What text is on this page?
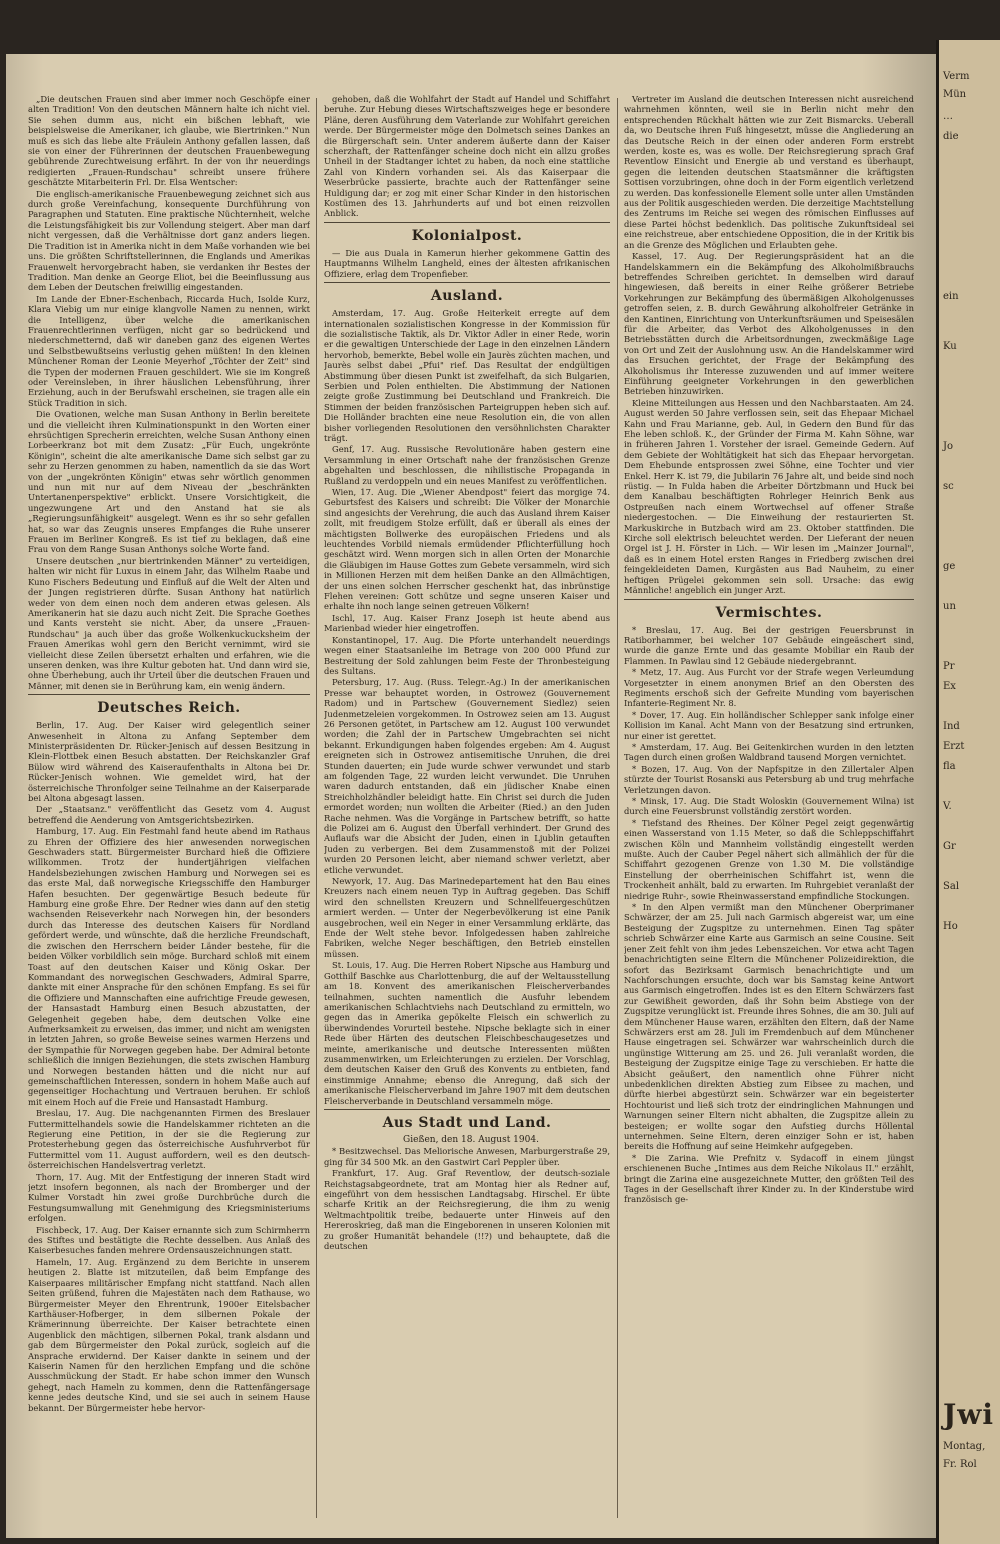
„Die deutschen Frauen sind aber immer noch Geschöpfe einer alten Tradition! Von den deutschen Männern halte ich nicht viel. Sie sehen dumm aus, nicht ein bißchen lebhaft, wie beispielsweise die Amerikaner, ich glaube, wie Biertrinken." Nun muß es sich das liebe alte Fräulein Anthony gefallen lassen, daß sie von einer der Führerinnen der deutschen Frauenbewegung gebührende Zurechtweisung erfährt. In der von ihr neuerdings redigierten „Frauen-Rundschau" schreibt unsere frühere geschätzte Mitarbeiterin Frl. Dr. Elsa Wentscher:

Die englisch-amerikanische Frauenbewegung zeichnet sich aus durch große Vereinfachung, konsequente Durchführung von Paragraphen und Statuten. Eine praktische Nüchternheit, welche die Leistungsfähigkeit bis zur Vollendung steigert. Aber man darf nicht vergessen, daß die Verhältnisse dort ganz anders liegen. Die Tradition ist in Amerika nicht in dem Maße vorhanden wie bei uns. Die größten Schriftstellerinnen, die Englands und Amerikas Frauenwelt hervorgebracht haben, sie verdanken ihr Bestes der Tradition. Man denke an George Eliot, bei die Beeinflussung aus dem Leben der Deutschen freiwillig eingestanden.

Im Lande der Ebner-Eschenbach, Riccarda Huch, Isolde Kurz, Klara Viebig um nur einige klangvolle Namen zu nennen, wirkt die Intelligenz, über welche die amerikanischen Frauenrechtlerinnen verfügen, nicht gar so bedrückend und niederschmetternd, daß wir daneben ganz des eigenen Wertes und Selbstbewußtseins verlustig gehen müßten! In den kleinen Münchener Roman der Leonie Meyerhof „Töchter der Zeit" sind die Typen der modernen Frauen geschildert. Wie sie im Kongreß oder Vereinsleben, in ihrer häuslichen Lebensführung, ihrer Erziehung, auch in der Berufswahl erscheinen, sie tragen alle ein Stück Tradition in sich.

Die Ovationen, welche man Susan Anthony in Berlin bereitete und die vielleicht ihren Kulminationspunkt in den Worten einer ehrsüchtigen Sprecherin erreichten, welche Susan Anthony einen Lorbeerkranz bot mit dem Zusatz: „Für Euch, ungekrönte Königin", scheint die alte amerikanische Dame sich selbst gar zu sehr zu Herzen genommen zu haben, namentlich da sie das Wort von der „ungekrönten Königin" etwas sehr wörtlich genommen und nun mit nur auf dem Niveau der „beschränkten Untertanenperspektive" erblickt. Unsere Vorsichtigkeit, die ungezwungene Art und den Anstand hat sie als „Regierungsunfähigkeit" ausgelegt. Wenn es ihr so sehr gefallen hat, so war das Zeugnis unseres Empfanges die Ruhe unserer Frauen im Berliner Kongreß. Es ist tief zu beklagen, daß eine Frau von dem Range Susan Anthonys solche Worte fand.

Unsere deutschen „nur biertrinkenden Männer" zu verteidigen, halten wir nicht für Luxus in einem Jahr, das Wilhelm Raabe und Kuno Fischers Bedeutung und Einfluß auf die Welt der Alten und der Jungen registrieren dürfte. Susan Anthony hat natürlich weder von dem einen noch dem anderen etwas gelesen. Als Amerikanerin hat sie dazu auch nicht Zeit. Die Sprache Goethes und Kants versteht sie nicht. Aber, da unsere „Frauen-Rundschau" ja auch über das große Wolkenkuckucksheim der Frauen Amerikas wohl gern den Bericht vernimmt, wird sie vielleicht diese Zeilen übersetzt erhalten und erfahren, wie die unseren denken, was ihre Kultur geboten hat. Und dann wird sie, ohne Überhebung, auch ihr Urteil über die deutschen Frauen und Männer, mit denen sie in Berührung kam, ein wenig ändern.

Deutsches Reich.

Berlin, 17. Aug. Der Kaiser wird gelegentlich seiner Anwesenheit in Altona zu Anfang September dem Ministerpräsidenten Dr. Rücker-Jenisch auf dessen Besitzung in Klein-Flottbek einen Besuch abstatten. Der Reichskanzler Graf Bülow wird während des Kaiseraufenthalts in Altona bei Dr. Rücker-Jenisch wohnen. Wie gemeldet wird, hat der österreichische Thronfolger seine Teilnahme an der Kaiserparade bei Altona abgesagt lassen.

Der „Staatsanz." veröffentlicht das Gesetz vom 4. August betreffend die Aenderung von Amtsgerichtsbezirken.

Hamburg, 17. Aug. Ein Festmahl fand heute abend im Rathaus zu Ehren der Offiziere des hier anwesenden norwegischen Geschwaders statt. Bürgermeister Burchard hieß die Offiziere willkommen. Trotz der hundertjährigen vielfachen Handelsbeziehungen zwischen Hamburg und Norwegen sei es das erste Mal, daß norwegische Kriegsschiffe den Hamburger Hafen besuchten. Der gegenwärtige Besuch bedeute für Hamburg eine große Ehre. Der Redner wies dann auf den stetig wachsenden Reiseverkehr nach Norwegen hin, der besonders durch das Interesse des deutschen Kaisers für Nordland gefördert werde, und wünschte, daß die herzliche Freundschaft, die zwischen den Herrschern beider Länder bestehe, für die beiden Völker vorbildlich sein möge. Burchard schloß mit einem Toast auf den deutschen Kaiser und König Oskar. Der Kommandant des norwegischen Geschwaders, Admiral Sparre, dankte mit einer Ansprache für den schönen Empfang. Es sei für die Offiziere und Mannschaften eine aufrichtige Freude gewesen, der Hansastadt Hamburg einen Besuch abzustatten, der Gelegenheit gegeben habe, dem deutschen Volke eine Aufmerksamkeit zu erweisen, das immer, und nicht am wenigsten in letzten Jahren, so große Beweise seines warmen Herzens und der Sympathie für Norwegen gegeben habe. Der Admiral betonte schließlich die innigen Beziehungen, die stets zwischen Hamburg und Norwegen bestanden hätten und die nicht nur auf gemeinschaftlichen Interessen, sondern in hohem Maße auch auf gegenseitiger Hochachtung und Vertrauen beruhen. Er schloß mit einem Hoch auf die Freie und Hansastadt Hamburg.

Breslau, 17. Aug. Die nachgenannten Firmen des Breslauer Futtermittelhandels sowie die Handelskammer richteten an die Regierung eine Petition, in der sie die Regierung zur Protesterhebung gegen das österreichische Ausfuhrverbot für Futtermittel vom 11. August auffordern, weil es den deutsch-österreichischen Handelsvertrag verletzt.

Thorn, 17. Aug. Mit der Entfestigung der inneren Stadt wird jetzt insofern begonnen, als nach der Bromberger und der Kulmer Vorstadt hin zwei große Durchbrüche durch die Festungsumwallung mit Genehmigung des Kriegsministeriums erfolgen.

Fischbeck, 17. Aug. Der Kaiser ernannte sich zum Schirmherrn des Stiftes und bestätigte die Rechte desselben. Aus Anlaß des Kaiserbesuches fanden mehrere Ordensauszeichnungen statt.

Hameln, 17. Aug. Ergänzend zu dem Berichte in unserem heutigen 2. Blatte ist mitzuteilen, daß beim Empfange des Kaiserpaares militärischer Empfang nicht stattfand. Nach allen Seiten grüßend, fuhren die Majestäten nach dem Rathause, wo Bürgermeister Meyer den Ehrentrunk, 1900er Eitelsbacher Karthäuser-Hofberger, in dem silbernen Pokale der Krämerinnung überreichte. Der Kaiser betrachtete einen Augenblick den mächtigen, silbernen Pokal, trank alsdann und gab dem Bürgermeister den Pokal zurück, sogleich auf die Ansprache erwidernd. Der Kaiser dankte in seinem und der Kaiserin Namen für den herzlichen Empfang und die schöne Ausschmückung der Stadt. Er habe schon immer den Wunsch gehegt, nach Hameln zu kommen, denn die Rattenfängersage kenne jedes deutsche Kind, und sie sei auch in seinem Hause bekannt. Der Bürgermeister hebe hervor-

gehoben, daß die Wohlfahrt der Stadt auf Handel und Schiffahrt beruhe. Zur Hebung dieses Wirtschaftszweiges hege er besondere Pläne, deren Ausführung dem Vaterlande zur Wohlfahrt gereichen werde. Der Bürgermeister möge den Dolmetsch seines Dankes an die Bürgerschaft sein. Unter anderem äußerte dann der Kaiser scherzhaft, der Rattenfänger scheine doch nicht ein allzu großes Unheil in der Stadtanger ichtet zu haben, da noch eine stattliche Zahl von Kindern vorhanden sei. Als das Kaiserpaar die Weserbrücke passierte, brachte auch der Rattenfänger seine Huldigung dar; er zog mit einer Schar Kinder in den historischen Kostümen des 13. Jahrhunderts auf und bot einen reizvollen Anblick.

Kolonialpost.

— Die aus Duala in Kamerun hierher gekommene Gattin des Hauptmanns Wilhelm Langheld, eines der ältesten afrikanischen Offiziere, erlag dem Tropenfieber.

Ausland.

Amsterdam, 17. Aug. Große Heiterkeit erregte auf dem internationalen sozialistischen Kongresse in der Kommission für die sozialistische Taktik, als Dr. Viktor Adler in einer Rede, worin er die gewaltigen Unterschiede der Lage in den einzelnen Ländern hervorhob, bemerkte, Bebel wolle ein Jaurès züchten machen, und Jaurès selbst dabei „Pfui" rief. Das Resultat der endgültigen Abstimmung über diesen Punkt ist zweifelhaft, da sich Bulgarien, Serbien und Polen enthielten. Die Abstimmung der Nationen zeigte große Zustimmung bei Deutschland und Frankreich. Die Stimmen der beiden französischen Parteigruppen heben sich auf. Die Holländer brachten eine neue Resolution ein, die von allen bisher vorliegenden Resolutionen den versöhnlichsten Charakter trägt.

Genf, 17. Aug. Russische Revolutionäre haben gestern eine Versammlung in einer Ortschaft nahe der französischen Grenze abgehalten und beschlossen, die nihilistische Propaganda in Rußland zu verdoppeln und ein neues Manifest zu veröffentlichen.

Wien, 17. Aug. Die „Wiener Abendpost" feiert das morgige 74. Geburtsfest des Kaisers und schreibt: Die Völker der Monarchie sind angesichts der Verehrung, die auch das Ausland ihrem Kaiser zollt, mit freudigem Stolze erfüllt, daß er überall als eines der mächtigsten Bollwerke des europäischen Friedens und als leuchtendes Vorbild niemals ermüdender Pflichterfüllung hoch geschätzt wird. Wenn morgen sich in allen Orten der Monarchie die Gläubigen im Hause Gottes zum Gebete versammeln, wird sich in Millionen Herzen mit dem heißen Danke an den Allmächtigen, der uns einen solchen Herrscher geschenkt hat, das inbrünstige Flehen vereinen: Gott schütze und segne unseren Kaiser und erhalte ihn noch lange seinen getreuen Völkern!

Ischl, 17. Aug. Kaiser Franz Joseph ist heute abend aus Marienbad wieder hier eingetroffen.

Konstantinopel, 17. Aug. Die Pforte unterhandelt neuerdings wegen einer Staatsanleihe im Betrage von 200 000 Pfund zur Bestreitung der Sold zahlungen beim Feste der Thronbesteigung des Sultans.

Petersburg, 17. Aug. (Russ. Telegr.-Ag.) In der amerikanischen Presse war behauptet worden, in Ostrowez (Gouvernement Radom) und in Partschew (Gouvernement Siedlez) seien Judenmetzeleien vorgekommen. In Ostrowez seien am 13. August 26 Personen getötet, in Partschew am 12. August 100 verwundet worden; die Zahl der in Partschew Umgebrachten sei nicht bekannt. Erkundigungen haben folgendes ergeben: Am 4. August ereigneten sich in Ostrowez antisemitische Unruhen, die drei Stunden dauerten; ein Jude wurde schwer verwundet und starb am folgenden Tage, 22 wurden leicht verwundet. Die Unruhen waren dadurch entstanden, daß ein jüdischer Knabe einen Streichholzhändler beleidigt hatte. Ein Christ sei durch die Juden ermordet worden; nun wollten die Arbeiter (Ried.) an den Juden Rache nehmen. Was die Vorgänge in Partschew betrifft, so hatte die Polizei am 6. August den Überfall verhindert. Der Grund des Auflaufs war die Absicht der Juden, einen in Ljublin getauften Juden zu verbergen. Bei dem Zusammenstoß mit der Polizei wurden 20 Personen leicht, aber niemand schwer verletzt, aber etliche verwundet.

Newyork, 17. Aug. Das Marinedepartement hat den Bau eines Kreuzers nach einem neuen Typ in Auftrag gegeben. Das Schiff wird den schnellsten Kreuzern und Schnellfeuergeschützen armiert werden. — Unter der Negerbevölkerung ist eine Panik ausgebrochen, weil ein Neger in einer Versammlung erklärte, das Ende der Welt stehe bevor. Infolgedessen haben zahlreiche Fabriken, welche Neger beschäftigen, den Betrieb einstellen müssen.

St. Louis, 17. Aug. Die Herren Robert Nipsche aus Hamburg und Gotthilf Baschke aus Charlottenburg, die auf der Weltausstellung am 18. Konvent des amerikanischen Fleischerverbandes teilnahmen, suchten namentlich die Ausfuhr lebendem amerikanischen Schlachtviehs nach Deutschland zu ermitteln, wo gegen das in Amerika gepökelte Fleisch ein schwerlich zu überwindendes Vorurteil bestehe. Nipsche beklagte sich in einer Rede über Härten des deutschen Fleischbeschaugesetzes und meinte, amerikanische und deutsche Interessenten müßten zusammenwirken, um Erleichterungen zu erzielen. Der Vorschlag, dem deutschen Kaiser den Gruß des Konvents zu entbieten, fand einstimmige Annahme; ebenso die Anregung, daß sich der amerikanische Fleischerverband im Jahre 1907 mit dem deutschen Fleischerverbande in Deutschland versammeln möge.

Aus Stadt und Land.

Gießen, den 18. August 1904.

* Besitzwechsel. Das Meliorische Anwesen, Marburgerstraße 29, ging für 34 500 Mk. an den Gastwirt Carl Peppler über.

Frankfurt, 17. Aug. Graf Reventlow, der deutsch-soziale Reichstagsabgeordnete, trat am Montag hier als Redner auf, eingeführt von dem hessischen Landtagsabg. Hirschel. Er übte scharfe Kritik an der Reichsregierung, die ihm zu wenig Weltmachtpolitik treibe, bedauerte unter Hinweis auf den Hereroskrieg, daß man die Eingeborenen in unseren Kolonien mit zu großer Humanität behandele (!!?) und behauptete, daß die deutschen

Vertreter im Ausland die deutschen Interessen nicht ausreichend wahrnehmen könnten, weil sie in Berlin nicht mehr den entsprechenden Rückhalt hätten wie zur Zeit Bismarcks. Ueberall da, wo Deutsche ihren Fuß hingesetzt, müsse die Angliederung an das Deutsche Reich in der einen oder anderen Form erstrebt werden, koste es, was es wolle. Der Reichsregierung sprach Graf Reventlow Einsicht und Energie ab und verstand es überhaupt, gegen die leitenden deutschen Staatsmänner die kräftigsten Sottisen vorzubringen, ohne doch in der Form eigentlich verletzend zu werden. Das konfessionelle Element solle unter allen Umständen aus der Politik ausgeschieden werden. Die derzeitige Machtstellung des Zentrums im Reiche sei wegen des römischen Einflusses auf diese Partei höchst bedenklich. Das politische Zukunftsideal sei eine reichstreue, aber entschiedene Opposition, die in der Kritik bis an die Grenze des Möglichen und Erlaubten gehe.

Kassel, 17. Aug. Der Regierungspräsident hat an die Handelskammern ein die Bekämpfung des Alkoholmißbrauchs betreffendes Schreiben gerichtet. In demselben wird darauf hingewiesen, daß bereits in einer Reihe größerer Betriebe Vorkehrungen zur Bekämpfung des übermäßigen Alkoholgenusses getroffen seien, z. B. durch Gewährung alkoholfreier Getränke in den Kantinen, Einrichtung von Unterkunftsräumen und Speisesälen für die Arbeiter, das Verbot des Alkoholgenusses in den Betriebsstätten durch die Arbeitsordnungen, zweckmäßige Lage von Ort und Zeit der Auslohnung usw. An die Handelskammer wird das Ersuchen gerichtet, der Frage der Bekämpfung des Alkoholismus ihr Interesse zuzuwenden und auf immer weitere Einführung geeigneter Vorkehrungen in den gewerblichen Betrieben hinzuwirken.

Kleine Mitteilungen aus Hessen und den Nachbarstaaten. Am 24. August werden 50 Jahre verflossen sein, seit das Ehepaar Michael Kahn und Frau Marianne, geb. Aul, in Gedern den Bund für das Ehe leben schloß. K., der Gründer der Firma M. Kahn Söhne, war in früheren Jahren 1. Vorsteher der israel. Gemeinde Gedern. Auf dem Gebiete der Wohltätigkeit hat sich das Ehepaar hervorgetan. Dem Ehebunde entsprossen zwei Söhne, eine Tochter und vier Enkel. Herr K. ist 79, die Jubilarin 76 Jahre alt, und beide sind noch rüstig. — In Fulda haben die Arbeiter Dörtzbmann und Huck bei dem Kanalbau beschäftigten Rohrleger Heinrich Benk aus Ostpreußen nach einem Wortwechsel auf offener Straße niedergestochen. — Die Einweihung der restaurierten St. Markuskirche in Butzbach wird am 23. Oktober stattfinden. Die Kirche soll elektrisch beleuchtet werden. Der Lieferant der neuen Orgel ist J. H. Förster in Lich. — Wir lesen im „Mainzer Journal", daß es in einem Hotel ersten Ranges in Friedberg zwischen drei feingekleideten Damen, Kurgästen aus Bad Nauheim, zu einer heftigen Prügelei gekommen sein soll. Ursache: das ewig Männliche! angeblich ein junger Arzt.

Vermischtes.

* Breslau, 17. Aug. Bei der gestrigen Feuersbrunst in Ratiborhammer, bei welcher 107 Gebäude eingeäschert sind, wurde die ganze Ernte und das gesamte Mobiliar ein Raub der Flammen. In Pawlau sind 12 Gebäude niedergebrannt.

* Metz, 17. Aug. Aus Furcht vor der Strafe wegen Verleumdung Vorgesetzter in einem anonymen Brief an den Obersten des Regiments erschoß sich der Gefreite Munding vom bayerischen Infanterie-Regiment Nr. 8.

* Dover, 17. Aug. Ein holländischer Schlepper sank infolge einer Kollision im Kanal. Acht Mann von der Besatzung sind ertrunken, nur einer ist gerettet.

* Amsterdam, 17. Aug. Bei Geitenkirchen wurden in den letzten Tagen durch einen großen Waldbrand tausend Morgen vernichtet.

* Bozen, 17. Aug. Von der Napfspitze in den Zillertaler Alpen stürzte der Tourist Rosanski aus Petersburg ab und trug mehrfache Verletzungen davon.

* Minsk, 17. Aug. Die Stadt Woloskin (Gouvernement Wilna) ist durch eine Feuersbrunst vollständig zerstört worden.

* Tiefstand des Rheines. Der Kölner Pegel zeigt gegenwärtig einen Wasserstand von 1.15 Meter, so daß die Schleppschiffahrt zwischen Köln und Mannheim vollständig eingestellt werden mußte. Auch der Cauber Pegel nähert sich allmählich der für die Schiffahrt gezogenen Grenze von 1.30 M. Die vollständige Einstellung der oberrheinischen Schiffahrt ist, wenn die Trockenheit anhält, bald zu erwarten. Im Ruhrgebiet veranlaßt der niedrige Ruhr-, sowie Rheinwasserstand empfindliche Stockungen.

* In den Alpen vermißt man den Münchener Oberprimaner Schwärzer, der am 25. Juli nach Garmisch abgereist war, um eine Besteigung der Zugspitze zu unternehmen. Einen Tag später schrieb Schwärzer eine Karte aus Garmisch an seine Cousine. Seit jener Zeit fehlt von ihm jedes Lebenszeichen. Vor etwa acht Tagen benachrichtigten seine Eltern die Münchener Polizeidirektion, die sofort das Bezirksamt Garmisch benachrichtigte und um Nachforschungen ersuchte, doch war bis Samstag keine Antwort aus Garmisch eingetroffen. Indes ist es den Eltern Schwärzers fast zur Gewißheit geworden, daß ihr Sohn beim Abstiege von der Zugspitze verunglückt ist. Freunde ihres Sohnes, die am 30. Juli auf dem Münchener Hause waren, erzählten den Eltern, daß der Name Schwärzers erst am 28. Juli im Fremdenbuch auf dem Münchener Hause eingetragen sei. Schwärzer war wahrscheinlich durch die ungünstige Witterung am 25. und 26. Juli veranlaßt worden, die Besteigung der Zugspitze einige Tage zu verschieben. Er hatte die Absicht geäußert, den namentlich ohne Führer nicht unbedenklichen direkten Abstieg zum Eibsee zu machen, und dürfte hierbei abgestürzt sein. Schwärzer war ein begeisterter Hochtourist und ließ sich trotz der eindringlichen Mahnungen und Warnungen seiner Eltern nicht abhalten, die Zugspitze allein zu besteigen; er wollte sogar den Aufstieg durchs Höllental unternehmen. Seine Eltern, deren einziger Sohn er ist, haben bereits die Hoffnung auf seine Heimkehr aufgegeben.

* Die Zarina. Wie Prefnitz v. Sydacoff in einem jüngst erschienenen Buche „Intimes aus dem Reiche Nikolaus II." erzählt, bringt die Zarina eine ausgezeichnete Mutter, den größten Teil des Tages in der Gesellschaft ihrer Kinder zu. In der Kinderstube wird französisch ge-

Verm
Mün
…
die
ein
Ku
Jo
sc
ge
un
Pr
Ex
Ind
Erzt
fla
V.
Gr
Sal
Ho
Jwi
Montag,
Fr. Rol
